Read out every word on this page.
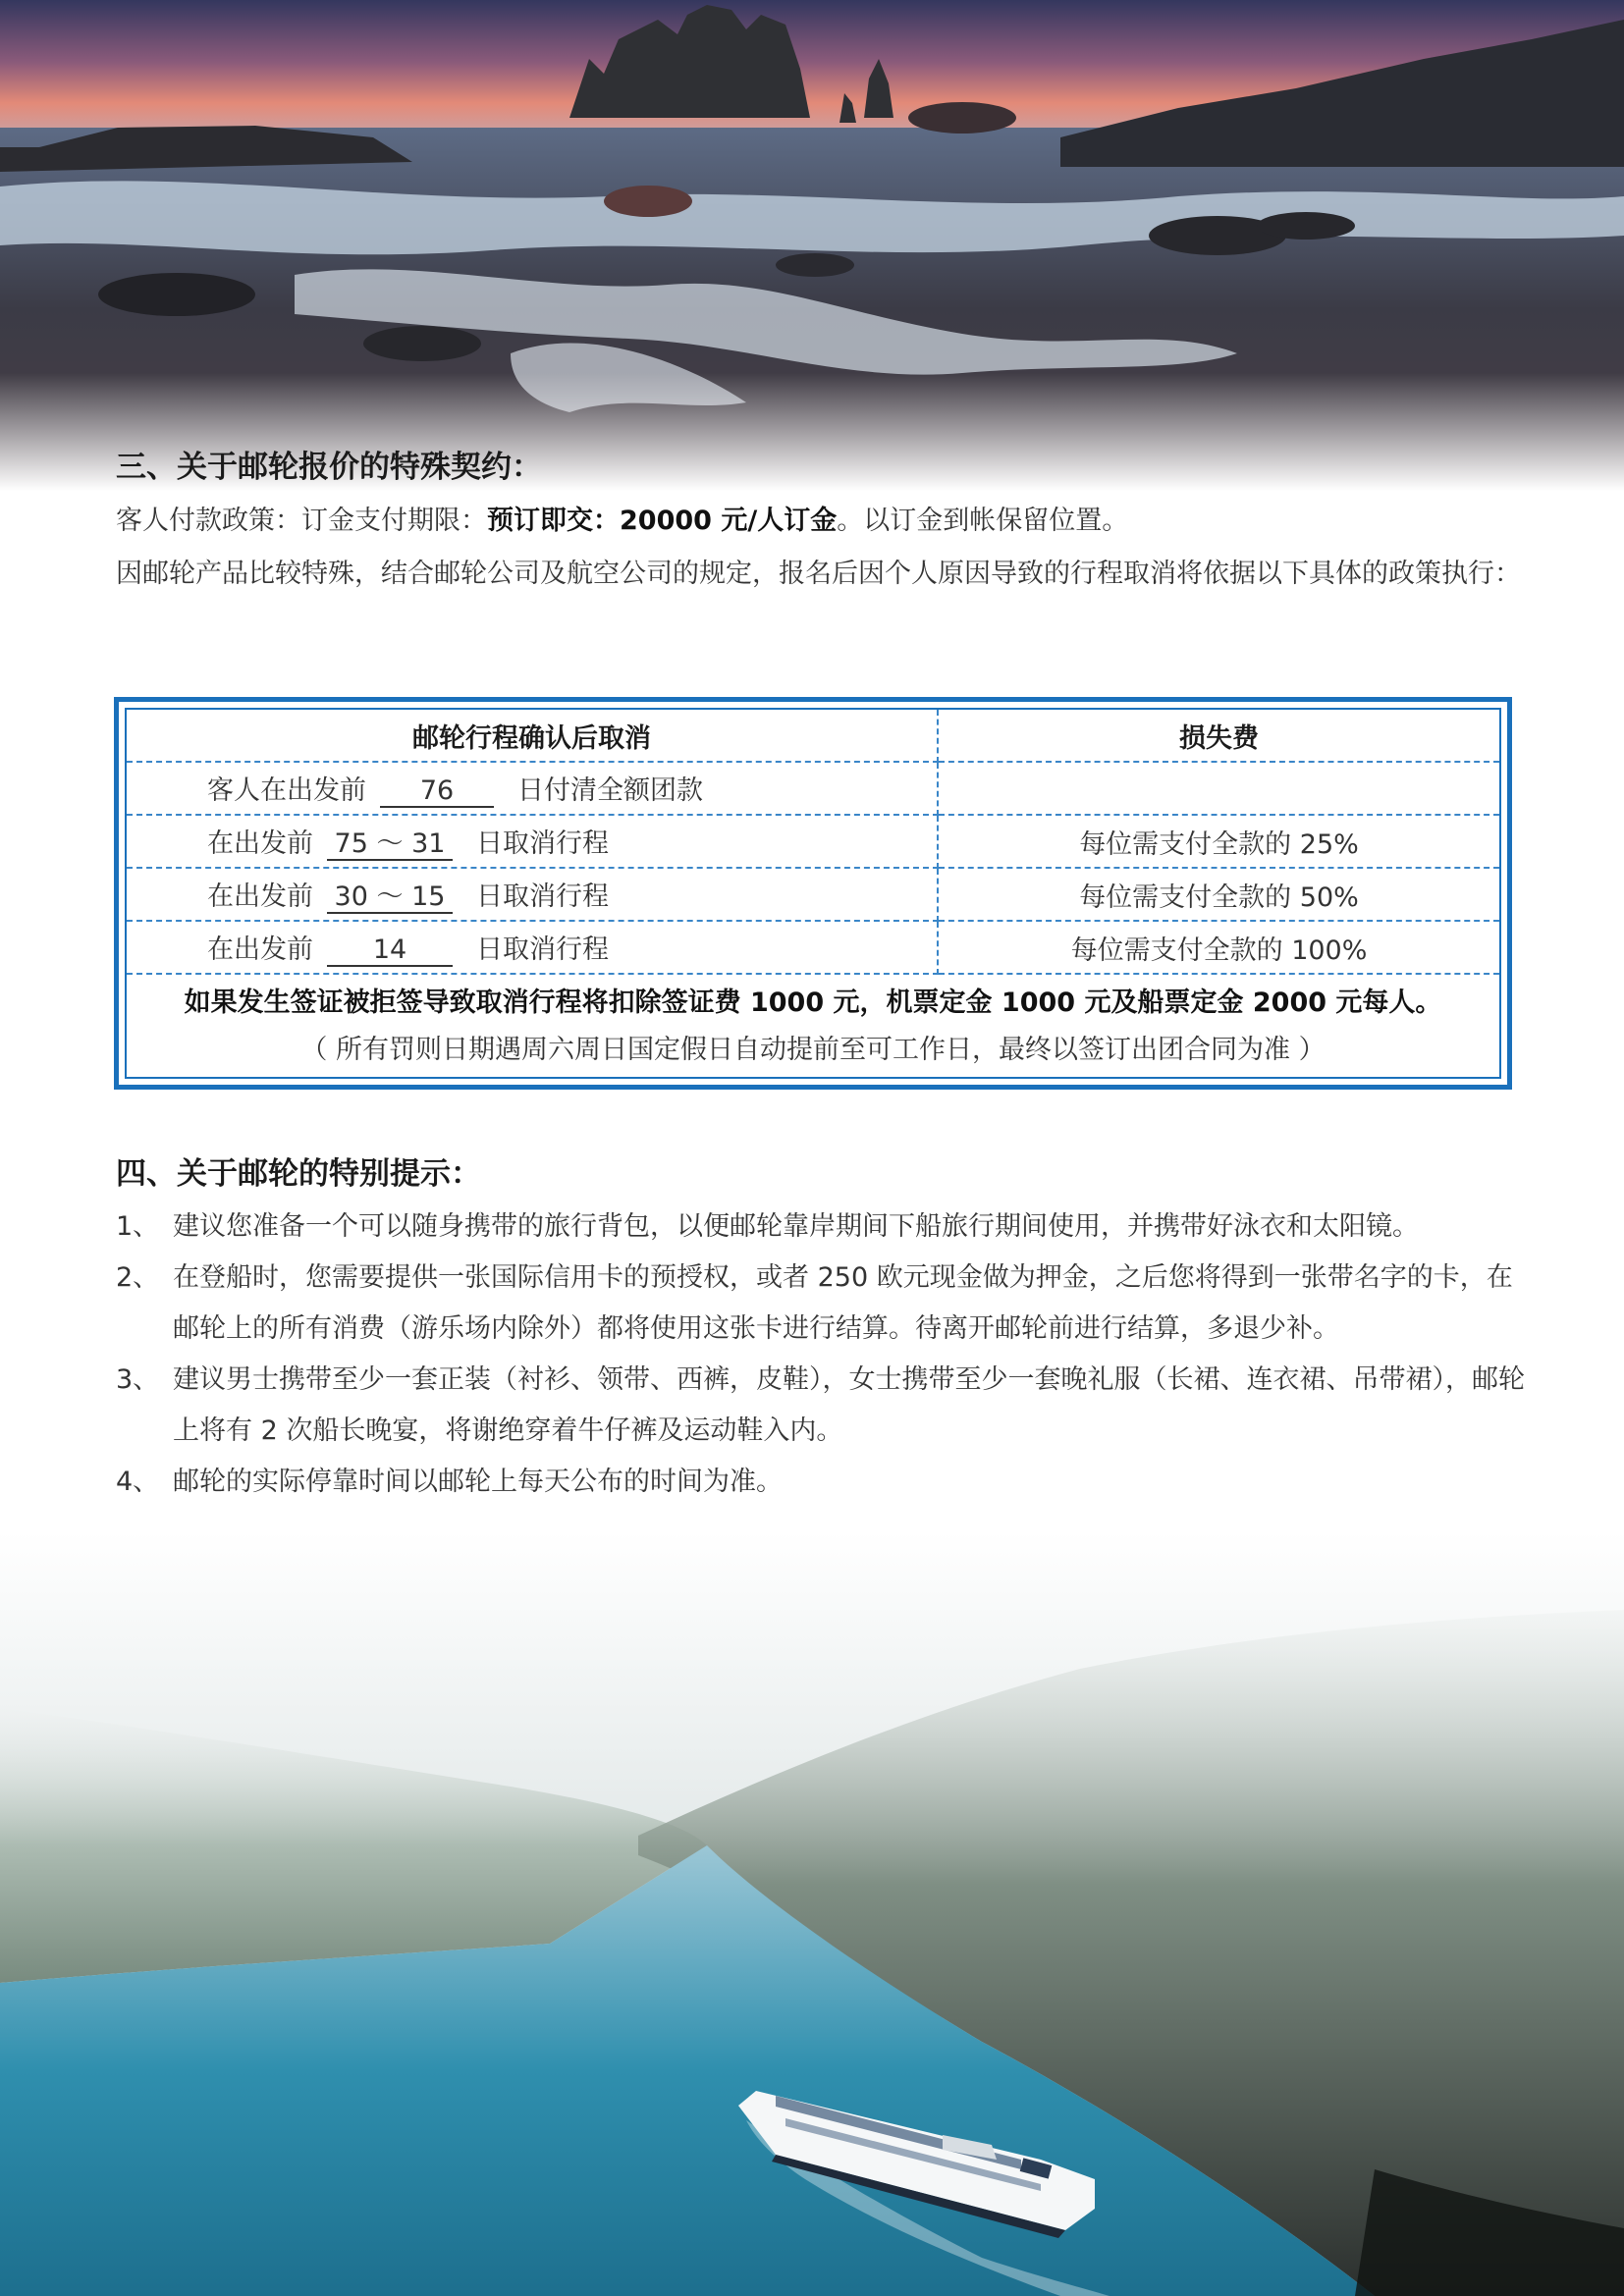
三、关于邮轮报价的特殊契约：

客人付款政策：订金支付期限：预订即交：20000 元/人订金。以订金到帐保留位置。

因邮轮产品比较特殊，结合邮轮公司及航空公司的规定，报名后因个人原因导致的行程取消将依据以下具体的政策执行：

邮轮行程确认后取消	损失费
客人在出发前 76 日付清全额团款	
在出发前 75 ～ 31 日取消行程	每位需支付全款的 25%
在出发前 30 ～ 15 日取消行程	每位需支付全款的 50%
在出发前 14 日取消行程	每位需支付全款的 100%

如果发生签证被拒签导致取消行程将扣除签证费 1000 元，机票定金 1000 元及船票定金 2000 元每人。
（ 所有罚则日期遇周六周日国定假日自动提前至可工作日，最终以签订出团合同为准 ）	
四、关于邮轮的特别提示：
1、 建议您准备一个可以随身携带的旅行背包，以便邮轮靠岸期间下船旅行期间使用，并携带好泳衣和太阳镜。
2、 在登船时，您需要提供一张国际信用卡的预授权，或者 250 欧元现金做为押金，之后您将得到一张带名字的卡，在邮轮上的所有消费（游乐场内除外）都将使用这张卡进行结算。待离开邮轮前进行结算，多退少补。
3、 建议男士携带至少一套正装（衬衫、领带、西裤，皮鞋），女士携带至少一套晚礼服（长裙、连衣裙、吊带裙），邮轮上将有 2 次船长晚宴，将谢绝穿着牛仔裤及运动鞋入内。
4、 邮轮的实际停靠时间以邮轮上每天公布的时间为准。
